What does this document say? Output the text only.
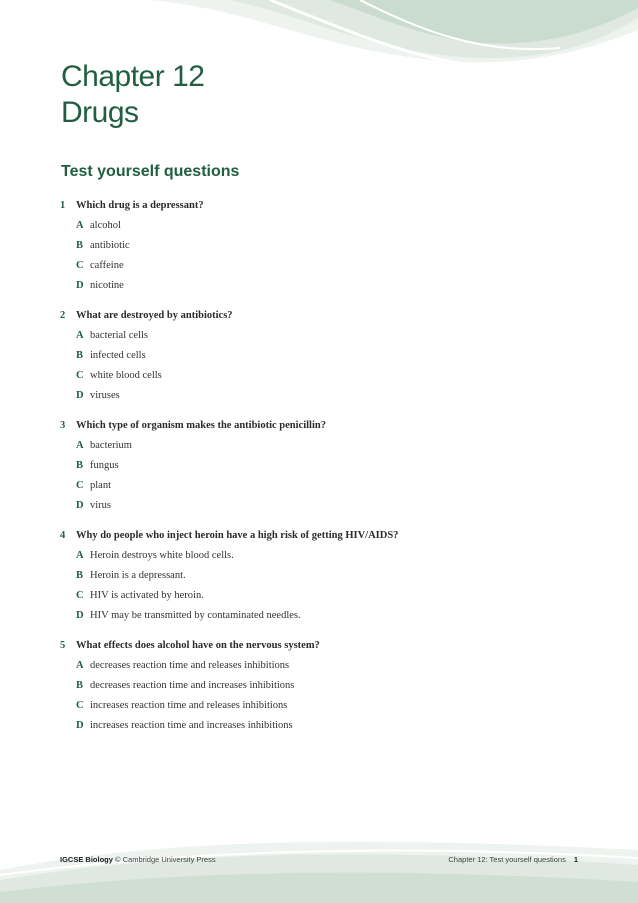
Chapter 12
Drugs
Test yourself questions
1 Which drug is a depressant?
A alcohol
B antibiotic
C caffeine
D nicotine
2 What are destroyed by antibiotics?
A bacterial cells
B infected cells
C white blood cells
D viruses
3 Which type of organism makes the antibiotic penicillin?
A bacterium
B fungus
C plant
D virus
4 Why do people who inject heroin have a high risk of getting HIV/AIDS?
A Heroin destroys white blood cells.
B Heroin is a depressant.
C HIV is activated by heroin.
D HIV may be transmitted by contaminated needles.
5 What effects does alcohol have on the nervous system?
A decreases reaction time and releases inhibitions
B decreases reaction time and increases inhibitions
C increases reaction time and releases inhibitions
D increases reaction time and increases inhibitions
IGCSE Biology © Cambridge University Press	Chapter 12: Test yourself questions 1
